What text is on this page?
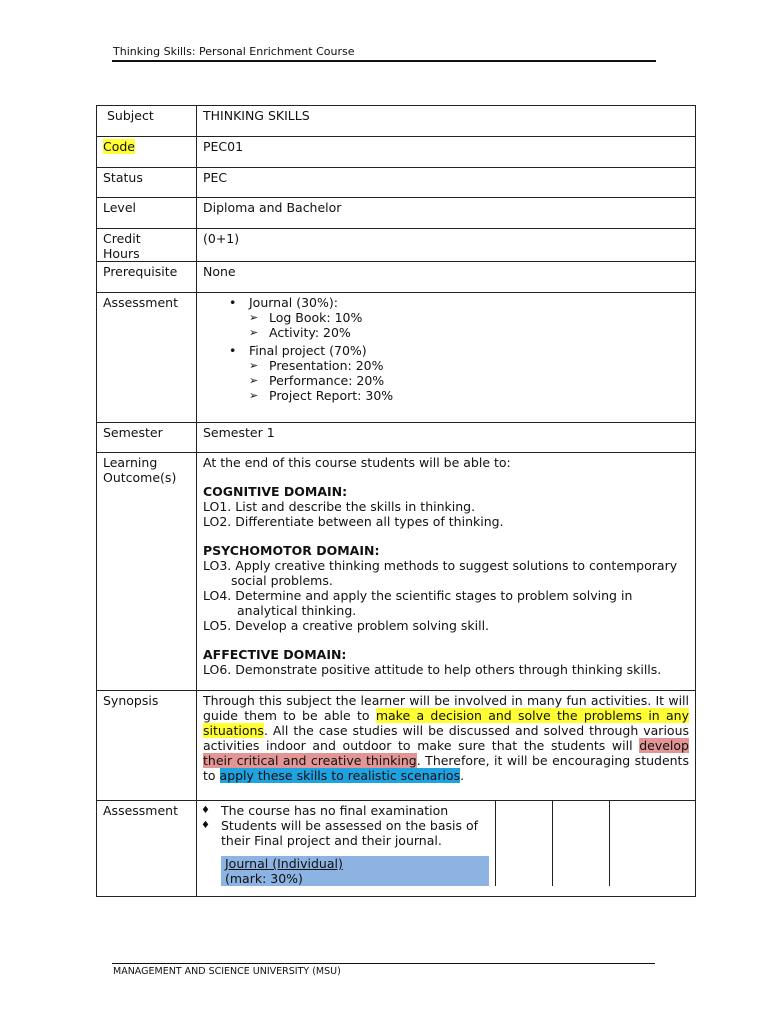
Thinking Skills: Personal Enrichment Course
Subject	THINKING SKILLS
Code	PEC01
Status	PEC
Level	Diploma and Bachelor

Credit
Hours
	(0+1)
Prerequisite	None
Assessment	
•Journal (30%):
➢ Log Book: 10%
➢ Activity: 20%
• Final project (70%)
➢ Presentation: 20%
➢ Performance: 20%
➢ Project Report: 30%

Semester	Semester 1

Learning
Outcome(s)

At the end of this course students will be able to:
COGNITIVE DOMAIN:
LO1. List and describe the skills in thinking.
LO2. Differentiate between all types of thinking.
PSYCHOMOTOR DOMAIN:
LO3. Apply creative thinking methods to suggest solutions to contemporary
social problems.
LO4. Determine and apply the scientific stages to problem solving in
analytical thinking.
LO5. Develop a creative problem solving skill.
AFFECTIVE DOMAIN:
LO6. Demonstrate positive attitude to help others through thinking skills.

Synopsis	Through this subject the learner will be involved in many fun activities. It will guide them to be able to make a decision and solve the problems in any situations. All the case studies will be discussed and solved through various activities indoor and outdoor to make sure that the students will develop their critical and creative thinking. Therefore, it will be encouraging students to apply these skills to realistic scenarios.
Assessment	
♦	The course has no final examination
♦ Students will be assessed on the basis of their Final project and their journal.
Journal (Individual)
(mark: 30%)

MANAGEMENT AND SCIENCE UNIVERSITY (MSU)
